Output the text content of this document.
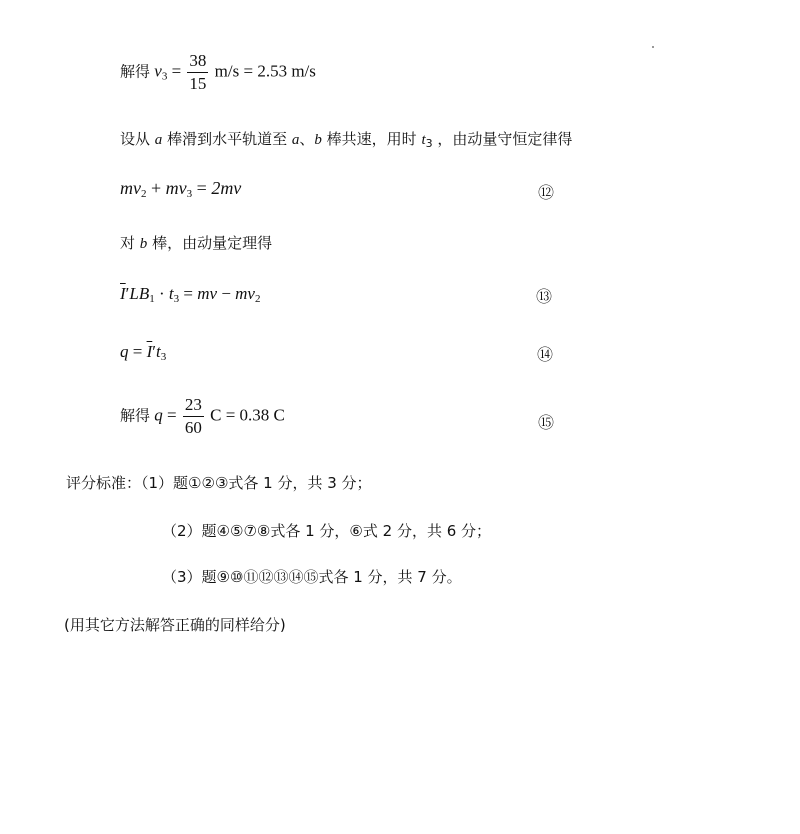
解得 $v_3 = \frac{38}{15} m/s = 2.53$ m/s
设从 a 棒滑到水平轨道至 a、b 棒共速，用时 $t_3$ ，由动量守恒定律得
$mv_2 + mv_3 = 2mv$	⑫
对 b 棒，由动量定理得
$\overline{I}'LB_1 \cdot t_3$ = mv − $mv_2$	⑬
$q = \overline{I}'t_3$	⑭
解得 $q = \frac{23}{60}$ C = 0.38 C	⑮
评分标准：（1）题①②③式各 1 分，共 3 分；
（2）题④⑤⑦⑧式各 1 分，⑥式 2 分，共 6 分；
（3）题⑨⑩⑪⑫⑬⑭⑮式各 1 分，共 7 分。
(用其它方法解答正确的同样给分)
